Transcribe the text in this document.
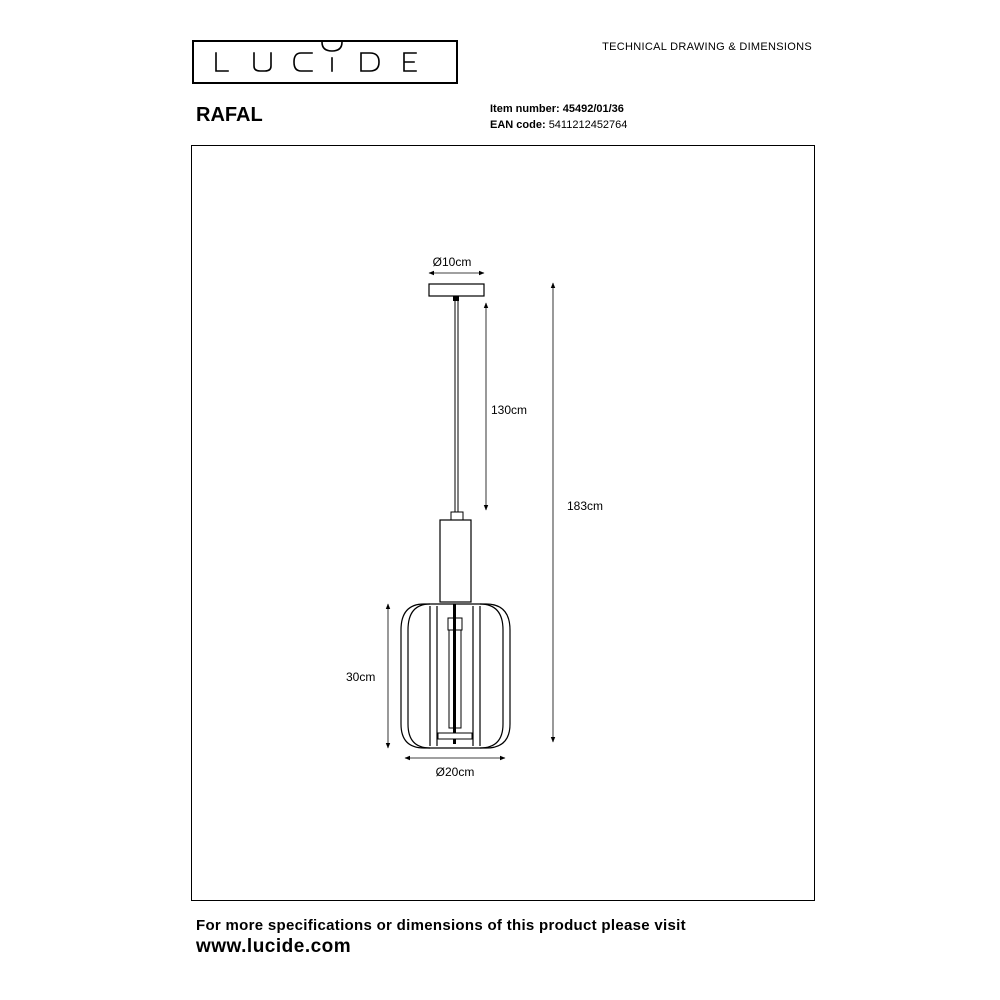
TECHNICAL DRAWING & DIMENSIONS
RAFAL	Item number: 45492/01/36
EAN code: 5411212452764
Ø10cm
130cm
183cm
30cm
Ø20cm
For more specifications or dimensions of this product please visit
www.lucide.com
